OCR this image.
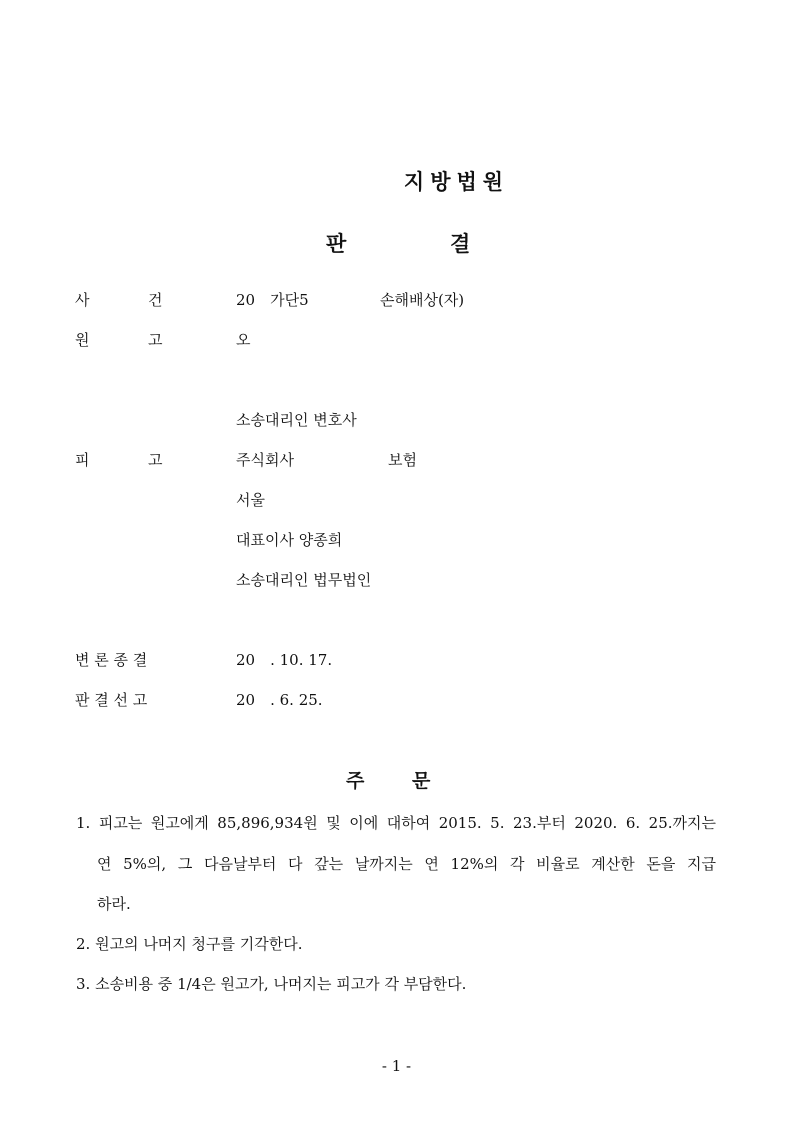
지방법원
판	결
사	건	20　가단5	손해배상(자)
원	고	오
소송대리인 변호사
피	고	주식회사	보험
서울
대표이사 양종희
소송대리인 법무법인
변 론 종 결	20　. 10. 17.
판 결 선 고	20　. 6. 25.
주	문
1. 피고는 원고에게 85,896,934원 및 이에 대하여 2015. 5. 23.부터 2020. 6. 25.까지는
연 5%의, 그 다음날부터 다 갚는 날까지는 연 12%의 각 비율로 계산한 돈을 지급
하라.
2. 원고의 나머지 청구를 기각한다.
3. 소송비용 중 1/4은 원고가, 나머지는 피고가 각 부담한다.
- 1 -
